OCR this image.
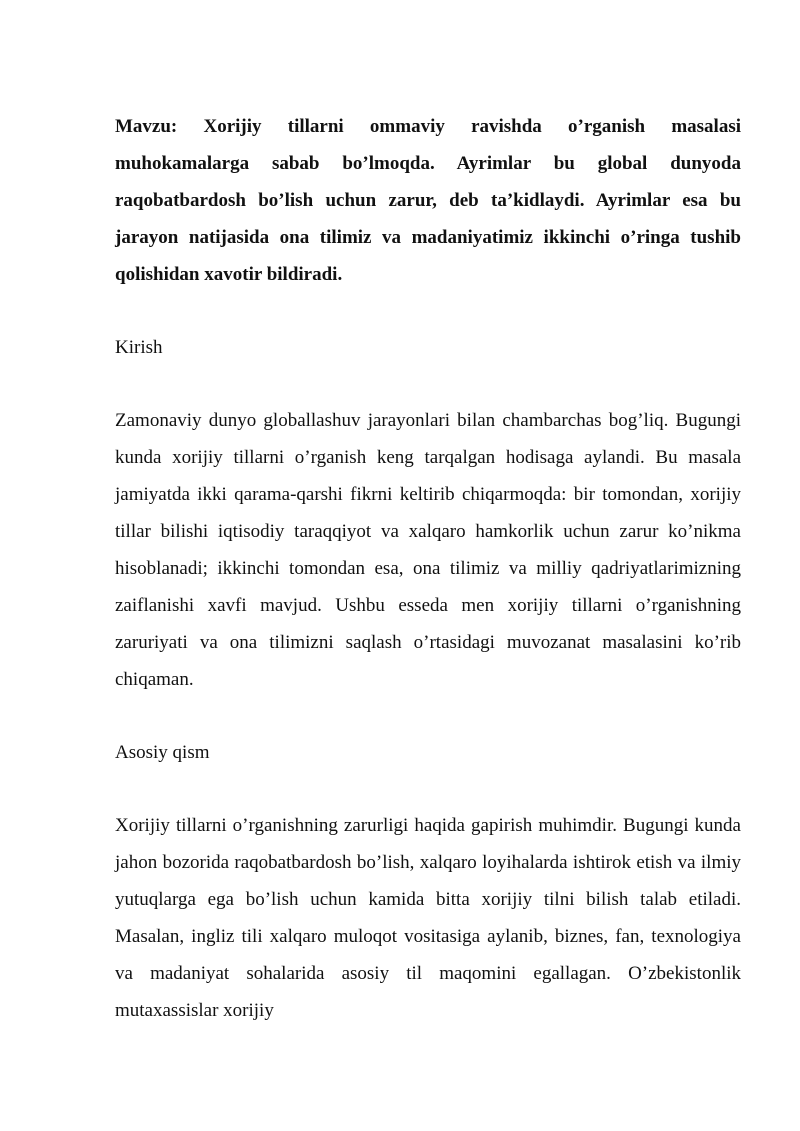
Mavzu: Xorijiy tillarni ommaviy ravishda o’rganish masalasi muhokamalarga sabab bo’lmoqda. Ayrimlar bu global dunyoda raqobatbardosh bo’lish uchun zarur, deb ta’kidlaydi. Ayrimlar esa bu jarayon natijasida ona tilimiz va madaniyatimiz ikkinchi o’ringa tushib qolishidan xavotir bildiradi.

Kirish

Zamonaviy dunyo globallashuv jarayonlari bilan chambarchas bog’liq. Bugungi kunda xorijiy tillarni o’rganish keng tarqalgan hodisaga aylandi. Bu masala jamiyatda ikki qarama-qarshi fikrni keltirib chiqarmoqda: bir tomondan, xorijiy tillar bilishi iqtisodiy taraqqiyot va xalqaro hamkorlik uchun zarur ko’nikma hisoblanadi; ikkinchi tomondan esa, ona tilimiz va milliy qadriyatlarimizning zaiflanishi xavfi mavjud. Ushbu esseda men xorijiy tillarni o’rganishning zaruriyati va ona tilimizni saqlash o’rtasidagi muvozanat masalasini ko’rib chiqaman.

Asosiy qism

Xorijiy tillarni o’rganishning zarurligi haqida gapirish muhimdir. Bugungi kunda jahon bozorida raqobatbardosh bo’lish, xalqaro loyihalarda ishtirok etish va ilmiy yutuqlarga ega bo’lish uchun kamida bitta xorijiy tilni bilish talab etiladi. Masalan, ingliz tili xalqaro muloqot vositasiga aylanib, biznes, fan, texnologiya va madaniyat sohalarida asosiy til maqomini egallagan. O’zbekistonlik mutaxassislar xorijiy
